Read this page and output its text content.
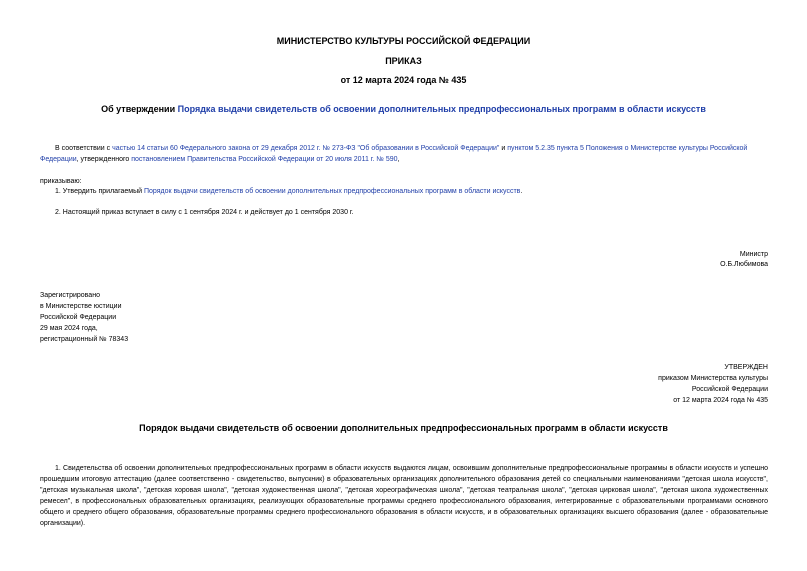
МИНИСТЕРСТВО КУЛЬТУРЫ РОССИЙСКОЙ ФЕДЕРАЦИИ
ПРИКАЗ
от 12 марта 2024 года № 435
Об утверждении Порядка выдачи свидетельств об освоении дополнительных предпрофессиональных программ в области искусств
В соответствии с частью 14 статьи 60 Федерального закона от 29 декабря 2012 г. № 273-ФЗ "Об образовании в Российской Федерации" и пунктом 5.2.35 пункта 5 Положения о Министерстве культуры Российской Федерации, утвержденного постановлением Правительства Российской Федерации от 20 июля 2011 г. № 590,
приказываю:
1. Утвердить прилагаемый Порядок выдачи свидетельств об освоении дополнительных предпрофессиональных программ в области искусств.
2. Настоящий приказ вступает в силу с 1 сентября 2024 г. и действует до 1 сентября 2030 г.
Министр
О.Б.Любимова
Зарегистрировано
в Министерстве юстиции
Российской Федерации
29 мая 2024 года,
регистрационный № 78343
УТВЕРЖДЕН
приказом Министерства культуры
Российской Федерации
от 12 марта 2024 года № 435
Порядок выдачи свидетельств об освоении дополнительных предпрофессиональных программ в области искусств
1. Свидетельства об освоении дополнительных предпрофессиональных программ в области искусств выдаются лицам, освоившим дополнительные предпрофессиональные программы в области искусств и успешно прошедшим итоговую аттестацию (далее соответственно - свидетельство, выпускник) в образовательных организациях дополнительного образования детей со специальными наименованиями "детская школа искусств", "детская музыкальная школа", "детская хоровая школа", "детская художественная школа", "детская хореографическая школа", "детская театральная школа", "детская цирковая школа", "детская школа художественных ремесел", в профессиональных образовательных организациях, реализующих образовательные программы среднего профессионального образования, интегрированные с образовательными программами основного общего и среднего общего образования, образовательные программы среднего профессионального образования в области искусств, и в образовательных организациях высшего образования (далее - образовательные организации).
